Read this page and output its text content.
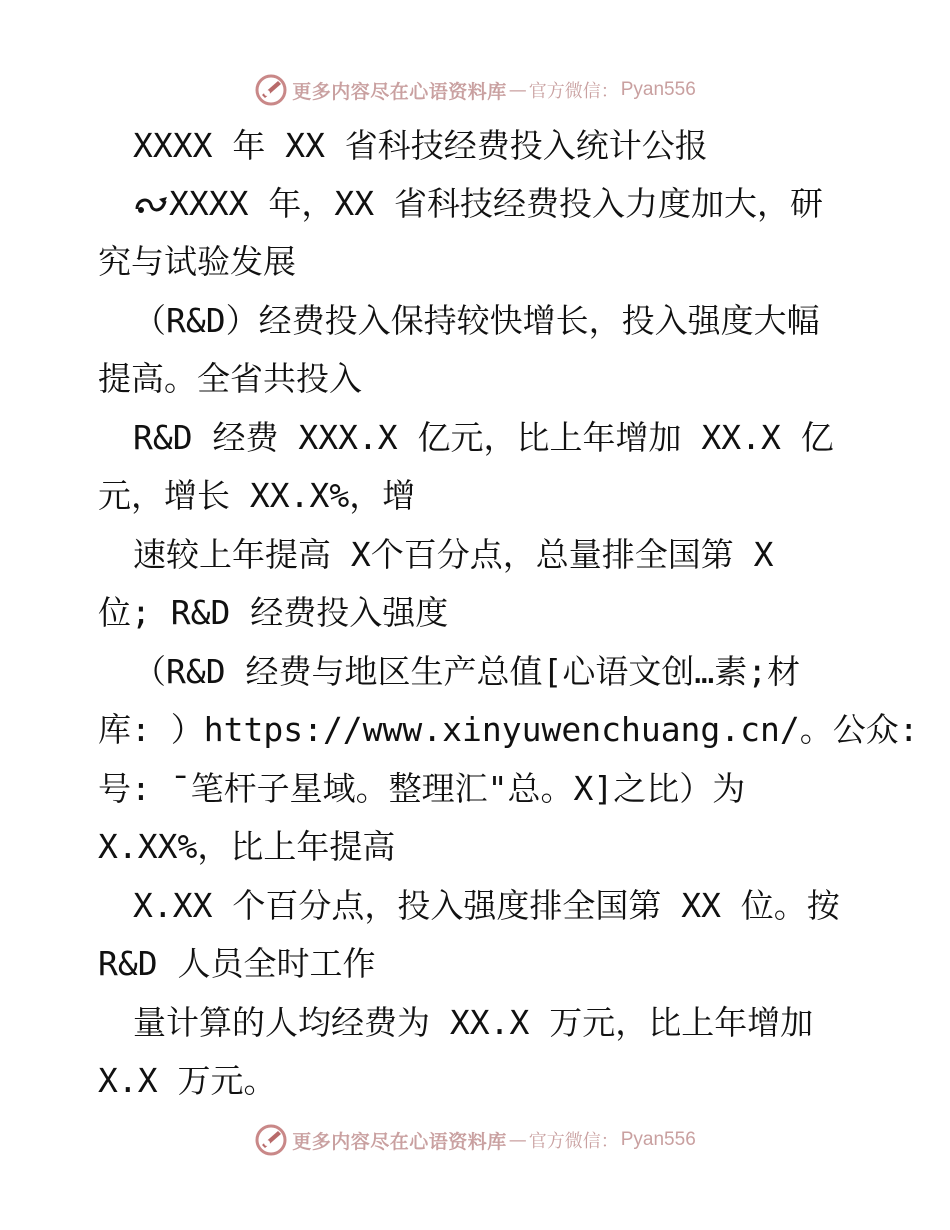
更多内容尽在心语资料库 — 官方微信： Pyan556
XXXX 年 XX 省科技经费投入统计公报
XXXX 年，XX 省科技经费投入力度加大，研
究与试验发展
（R&D）经费投入保持较快增长，投入强度大幅
提高。全省共投入
R&D 经费 XXX.X 亿元，比上年增加 XX.X 亿
元，增长 XX.X%，增
速较上年提高 X个百分点，总量排全国第 X
位; R&D 经费投入强度
（R&D 经费与地区生产总值[心语文创…素;材
库: ）https://www.xinyuwenchuang.cn/。公众:
号: ¯笔杆子星域。整理汇"总。X]之比）为
X.XX%，比上年提高
X.XX 个百分点，投入强度排全国第 XX 位。按
R&D 人员全时工作
量计算的人均经费为 XX.X 万元，比上年增加
X.X 万元。
更多内容尽在心语资料库 — 官方微信： Pyan556
